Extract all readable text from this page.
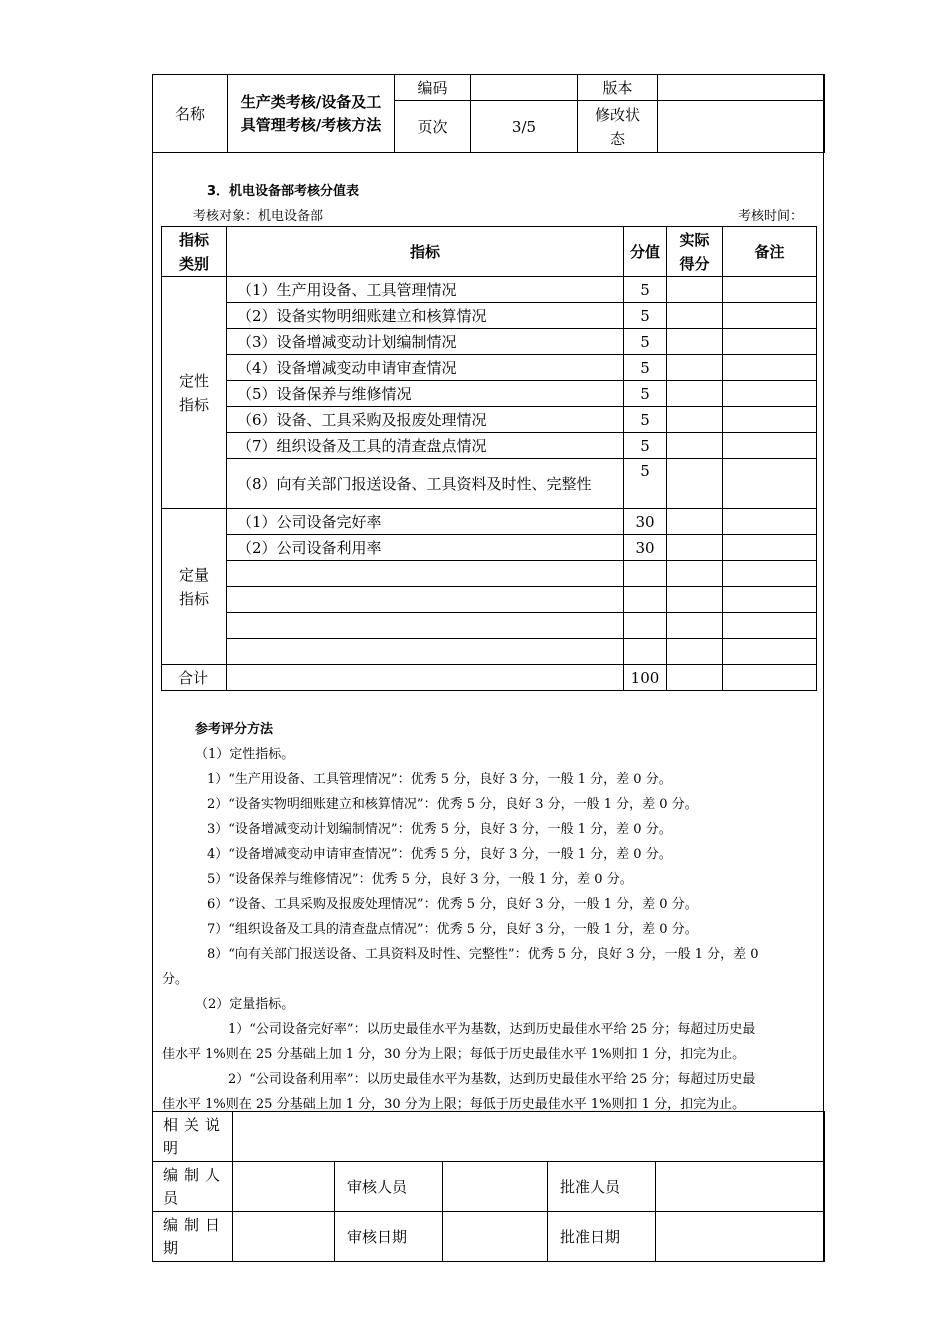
名称	生产类考核/设备及工具管理考核/考核方法	编码		版本	
		页次	3/5	修改状态	
3．机电设备部考核分值表
考核对象：机电设备部	考核时间：
指标类别	指标	分值	实际得分	备注
定性指标	（1）生产用设备、工具管理情况	5		
	（2）设备实物明细账建立和核算情况	5		
	（3）设备增减变动计划编制情况	5		
	（4）设备增减变动申请审查情况	5		
	（5）设备保养与维修情况	5		
	（6）设备、工具采购及报废处理情况	5		
	（7）组织设备及工具的清查盘点情况	5		
	（8）向有关部门报送设备、工具资料及时性、完整性	5		
定量指标	（1）公司设备完好率	30		
	（2）公司设备利用率	30		

合计		100		
参考评分方法
（1）定性指标。
1）“生产用设备、工具管理情况”：优秀 5 分，良好 3 分，一般 1 分，差 0 分。
2）“设备实物明细账建立和核算情况”：优秀 5 分，良好 3 分，一般 1 分，差 0 分。
3）“设备增减变动计划编制情况”：优秀 5 分，良好 3 分，一般 1 分，差 0 分。
4）“设备增减变动申请审查情况”：优秀 5 分，良好 3 分，一般 1 分，差 0 分。
5）“设备保养与维修情况”：优秀 5 分，良好 3 分，一般 1 分，差 0 分。
6）“设备、工具采购及报废处理情况”：优秀 5 分，良好 3 分，一般 1 分，差 0 分。
7）“组织设备及工具的清查盘点情况”：优秀 5 分，良好 3 分，一般 1 分，差 0 分。
8）“向有关部门报送设备、工具资料及时性、完整性”：优秀 5 分，良好 3 分，一般 1 分，差 0
分。
（2）定量指标。
1）“公司设备完好率”：以历史最佳水平为基数，达到历史最佳水平给 25 分；每超过历史最
佳水平 1%则在 25 分基础上加 1 分，30 分为上限；每低于历史最佳水平 1%则扣 1 分，扣完为止。
2）“公司设备利用率”：以历史最佳水平为基数，达到历史最佳水平给 25 分；每超过历史最
佳水平 1%则在 25 分基础上加 1 分，30 分为上限；每低于历史最佳水平 1%则扣 1 分，扣完为止。
相关说明					
编制人员		审核人员		批准人员	
编制日期		审核日期		批准日期	
